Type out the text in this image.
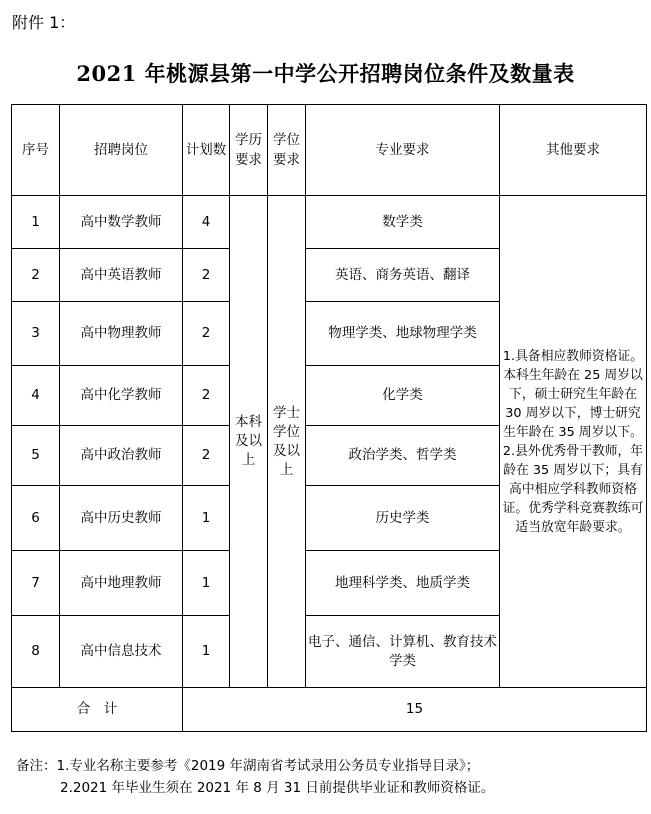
附件 1：
2021 年桃源县第一中学公开招聘岗位条件及数量表
序号	招聘岗位	计划数	学历要求	学位要求	专业要求	其他要求
1	高中数学教师	4	本科及以上	学士学位及以上	数学类	1.具备相应教师资格证。本科生年龄在 25 周岁以下，硕士研究生年龄在 30 周岁以下，博士研究生年龄在 35 周岁以下。2.县外优秀骨干教师，年龄在 35 周岁以下；具有高中相应学科教师资格证。优秀学科竞赛教练可适当放宽年龄要求。
2	高中英语教师	2			英语、商务英语、翻译	
3	高中物理教师	2			物理学类、地球物理学类	
4	高中化学教师	2			化学类	
5	高中政治教师	2			政治学类、哲学类	
6	高中历史教师	1			历史学类	
7	高中地理教师	1			地理科学类、地质学类	
8	高中信息技术	1			电子、通信、计算机、教育技术学类	
合　计		15				
备注：1.专业名称主要参考《2019 年湖南省考试录用公务员专业指导目录》；
2.2021 年毕业生须在 2021 年 8 月 31 日前提供毕业证和教师资格证。
